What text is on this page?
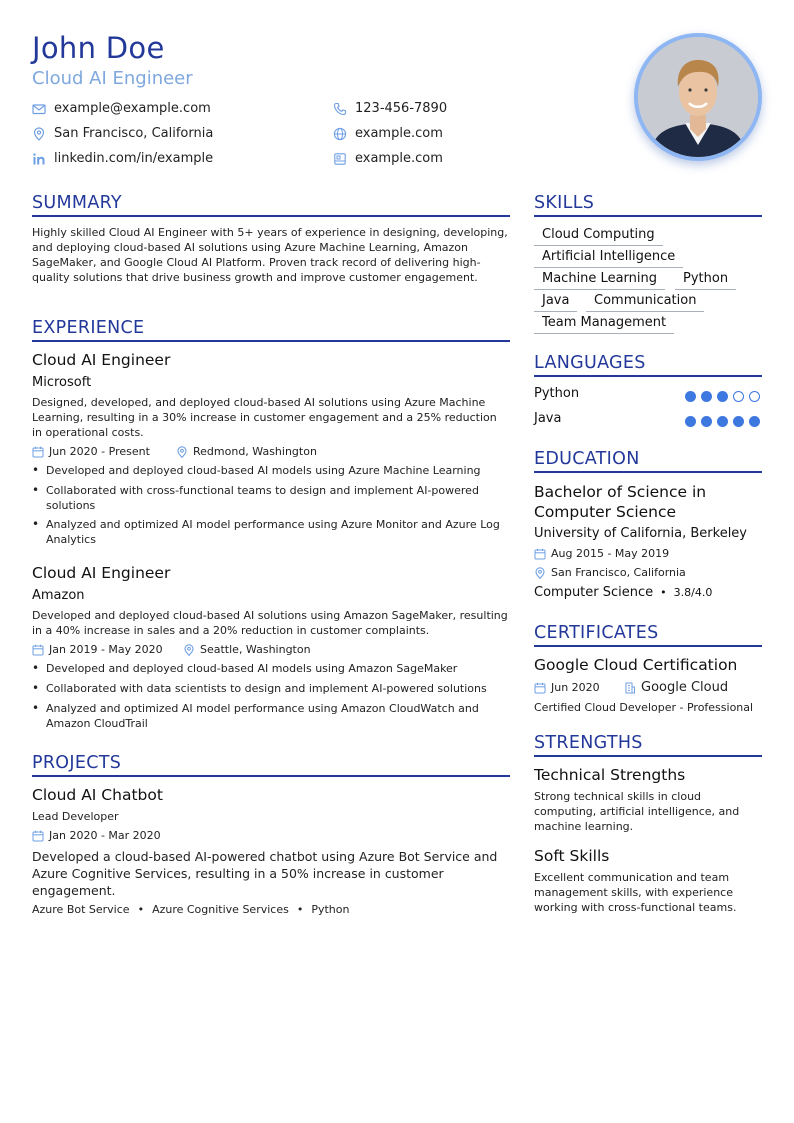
John Doe
Cloud AI Engineer
example@example.com	123-456-7890
San Francisco, California	example.com
linkedin.com/in/example	example.com
SUMMARY
Highly skilled Cloud AI Engineer with 5+ years of experience in designing, developing, and deploying cloud-based AI solutions using Azure Machine Learning, Amazon SageMaker, and Google Cloud AI Platform. Proven track record of delivering high-quality solutions that drive business growth and improve customer engagement.
EXPERIENCE
Cloud AI Engineer
Microsoft
Designed, developed, and deployed cloud-based AI solutions using Azure Machine Learning, resulting in a 30% increase in customer engagement and a 25% reduction in operational costs.
Jun 2020 - Present	Redmond, Washington
• Developed and deployed cloud-based AI models using Azure Machine Learning
• Collaborated with cross-functional teams to design and implement AI-powered solutions
• Analyzed and optimized AI model performance using Azure Monitor and Azure Log Analytics
Cloud AI Engineer
Amazon
Developed and deployed cloud-based AI solutions using Amazon SageMaker, resulting in a 40% increase in sales and a 20% reduction in customer complaints.
Jan 2019 - May 2020	Seattle, Washington
• Developed and deployed cloud-based AI models using Amazon SageMaker
• Collaborated with data scientists to design and implement AI-powered solutions
• Analyzed and optimized AI model performance using Amazon CloudWatch and Amazon CloudTrail
PROJECTS
Cloud AI Chatbot
Lead Developer
Jan 2020 - Mar 2020
Developed a cloud-based AI-powered chatbot using Azure Bot Service and Azure Cognitive Services, resulting in a 50% increase in customer engagement.
Azure Bot Service • Azure Cognitive Services • Python
SKILLS
Cloud Computing
Artificial Intelligence
Machine Learning	Python
Java	Communication
Team Management
LANGUAGES
Python
Java
EDUCATION
Bachelor of Science in Computer Science
University of California, Berkeley
Aug 2015 - May 2019
San Francisco, California
Computer Science • 3.8/4.0
CERTIFICATES
Google Cloud Certification
Jun 2020	Google Cloud
Certified Cloud Developer - Professional
STRENGTHS
Technical Strengths
Strong technical skills in cloud computing, artificial intelligence, and machine learning.
Soft Skills
Excellent communication and team management skills, with experience working with cross-functional teams.
